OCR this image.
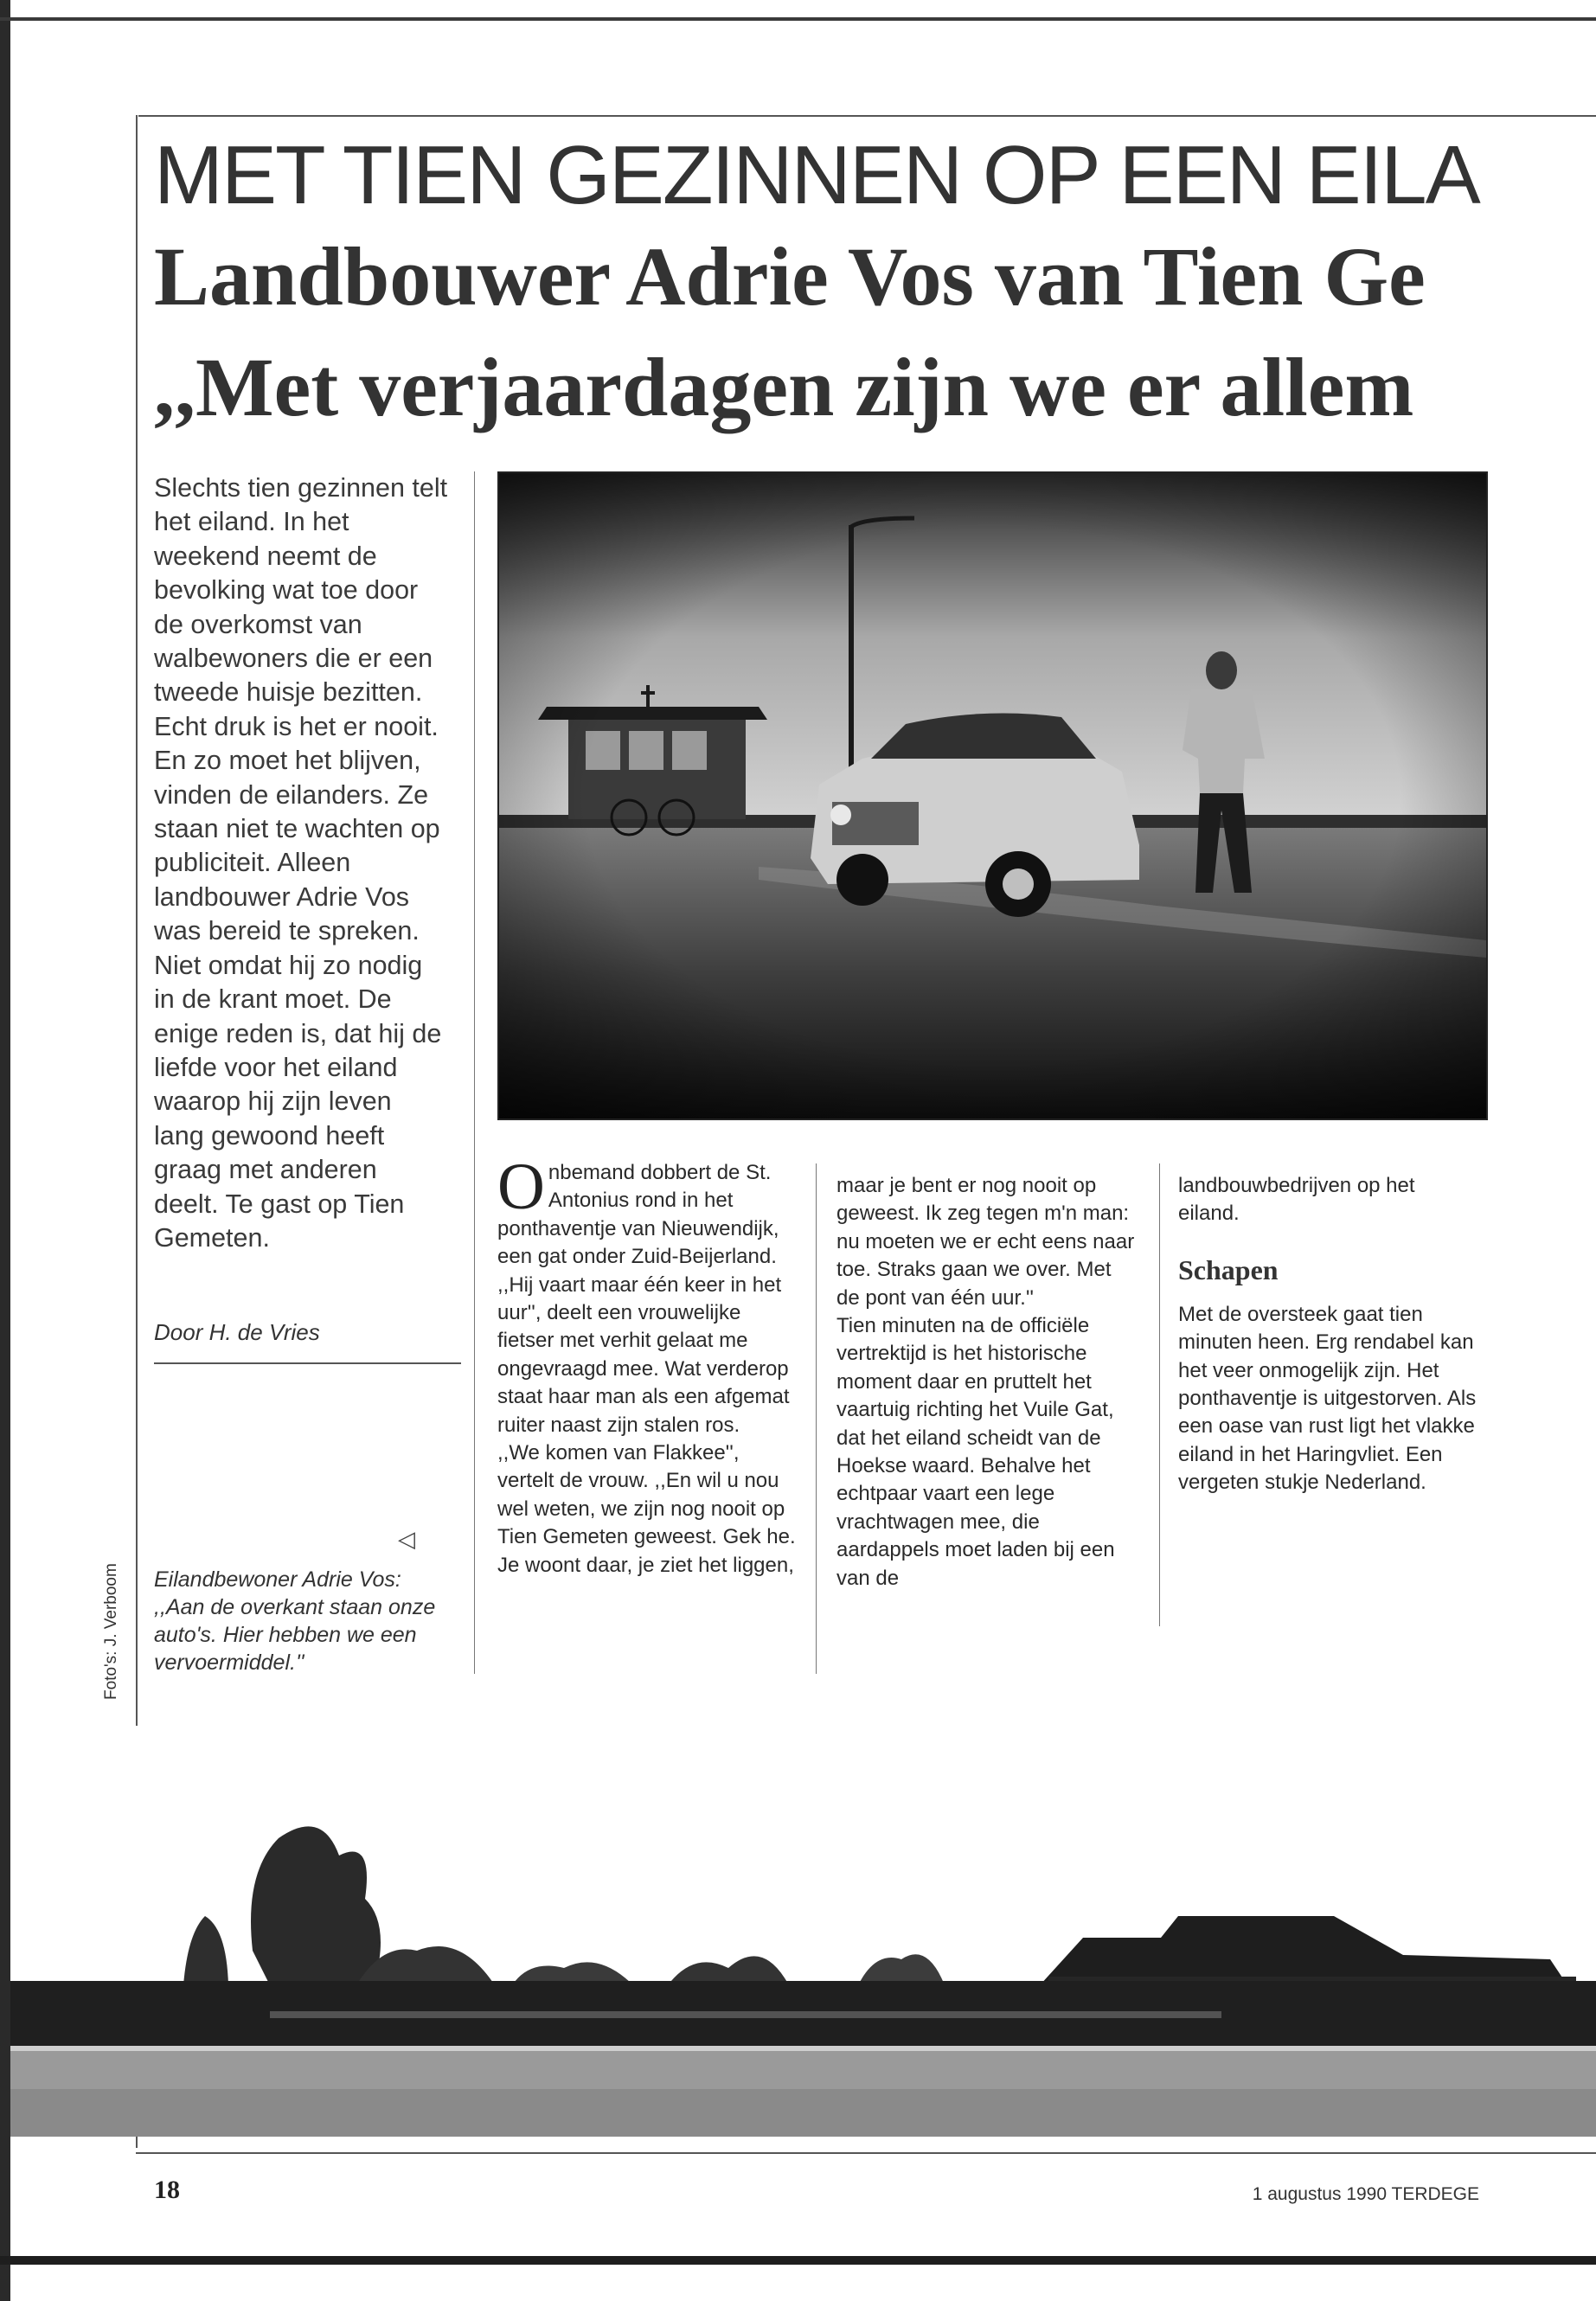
MET TIEN GEZINNEN OP EEN EILA
Landbouwer Adrie Vos van Tien Ge
,,Met verjaardagen zijn we er allem
Slechts tien gezinnen telt het eiland. In het weekend neemt de bevolking wat toe door de overkomst van walbewoners die er een tweede huisje bezitten. Echt druk is het er nooit. En zo moet het blijven, vinden de eilanders. Ze staan niet te wachten op publiciteit. Alleen landbouwer Adrie Vos was bereid te spreken. Niet omdat hij zo nodig in de krant moet. De enige reden is, dat hij de liefde voor het eiland waarop hij zijn leven lang gewoond heeft graag met anderen deelt. Te gast op Tien Gemeten.
Door H. de Vries
Foto's: J. Verboom
◁
Eilandbewoner Adrie Vos:
,,Aan de overkant staan onze auto's. Hier hebben we een vervoermiddel.''
O nbemand dobbert de St. Antonius rond in het ponthaventje van Nieuwendijk, een gat onder Zuid-Beijerland. ,,Hij vaart maar één keer in het uur'', deelt een vrouwelijke fietser met verhit gelaat me ongevraagd mee. Wat verderop staat haar man als een afgemat ruiter naast zijn stalen ros.

,,We komen van Flakkee'', vertelt de vrouw. ,,En wil u nou wel weten, we zijn nog nooit op Tien Gemeten geweest. Gek he. Je woont daar, je ziet het liggen,

maar je bent er nog nooit op geweest. Ik zeg tegen m'n man: nu moeten we er echt eens naar toe. Straks gaan we over. Met de pont van één uur.''

Tien minuten na de officiële vertrektijd is het historische moment daar en pruttelt het vaartuig richting het Vuile Gat, dat het eiland scheidt van de Hoekse waard. Behalve het echtpaar vaart een lege vrachtwagen mee, die aardappels moet laden bij een van de

landbouwbedrijven op het eiland.

Schapen

Met de oversteek gaat tien minuten heen. Erg rendabel kan het veer onmogelijk zijn. Het ponthaventje is uitgestorven. Als een oase van rust ligt het vlakke eiland in het Haringvliet. Een vergeten stukje Nederland.

18	1 augustus 1990 TERDEGE
